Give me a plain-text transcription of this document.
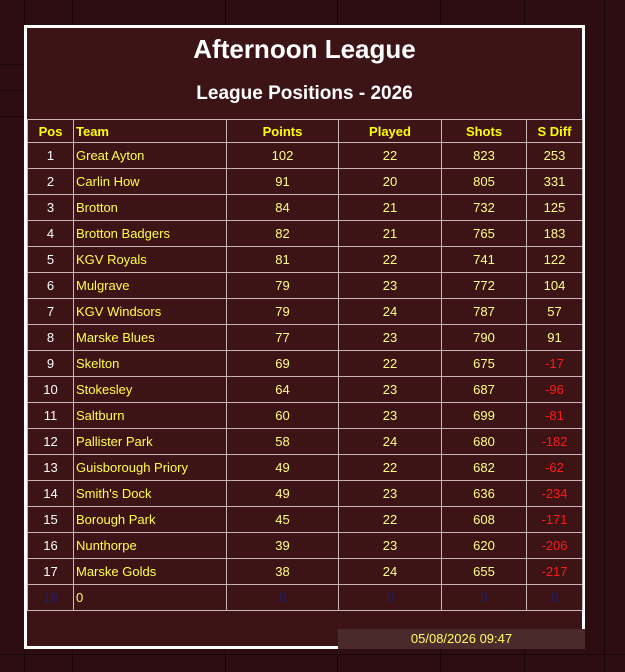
Afternoon League
League Positions - 2026
Pos	Team	Points	Played	Shots	S Diff
1	Great Ayton	102	22	823	253
2	Carlin How	91	20	805	331
3	Brotton	84	21	732	125
4	Brotton Badgers	82	21	765	183
5	KGV Royals	81	22	741	122
6	Mulgrave	79	23	772	104
7	KGV Windsors	79	24	787	57
8	Marske Blues	77	23	790	91
9	Skelton	69	22	675	-17
10	Stokesley	64	23	687	-96
11	Saltburn	60	23	699	-81
12	Pallister Park	58	24	680	-182
13	Guisborough Priory	49	22	682	-62
14	Smith's Dock	49	23	636	-234
15	Borough Park	45	22	608	-171
16	Nunthorpe	39	23	620	-206
17	Marske Golds	38	24	655	-217
18	0	0	0	0	0
05/08/2026 09:47
